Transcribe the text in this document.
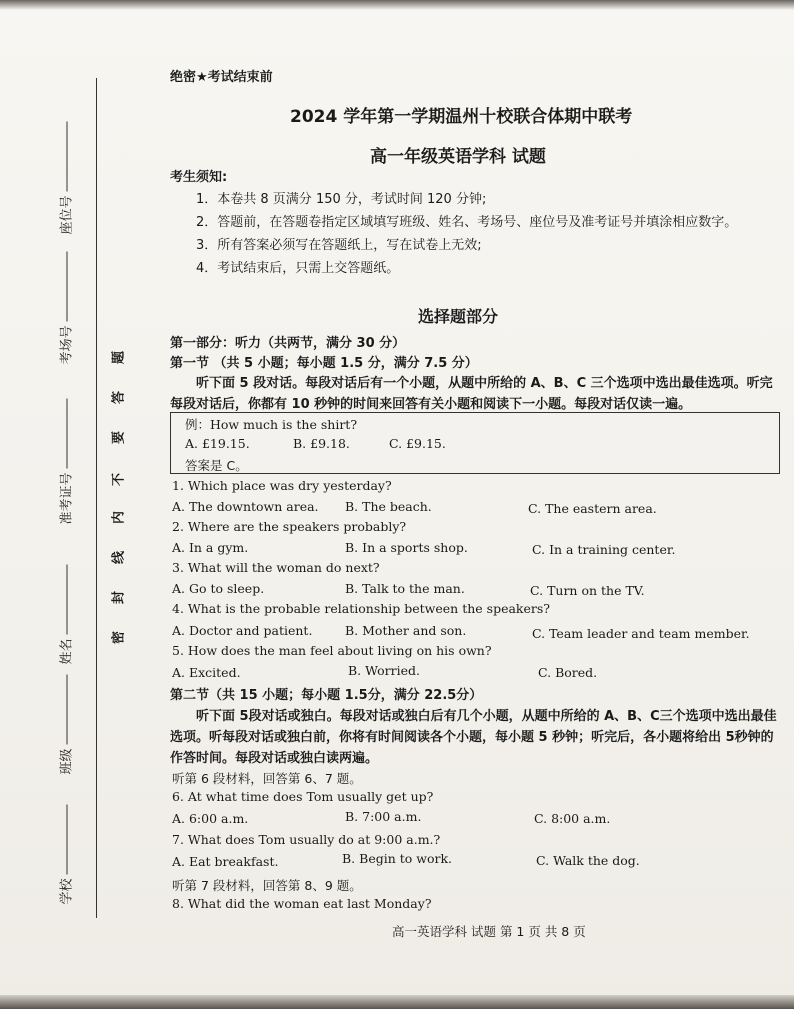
座位号
考场号
准考证号
姓名
班级
学校
题
答
要
不
内
线
封
密
绝密★考试结束前
2024 学年第一学期温州十校联合体期中联考
高一年级英语学科 试题
考生须知:
1．本卷共 8 页满分 150 分，考试时间 120 分钟;
2．答题前，在答题卷指定区域填写班级、姓名、考场号、座位号及准考证号并填涂相应数字。
3．所有答案必须写在答题纸上，写在试卷上无效;
4．考试结束后，只需上交答题纸。
选择题部分
第一部分：听力（共两节，满分 30 分）
第一节 （共 5 小题；每小题 1.5 分，满分 7.5 分）
听下面 5 段对话。每段对话后有一个小题，从题中所给的 A、B、C 三个选项中选出最佳选项。听完每段对话后，你都有 10 秒钟的时间来回答有关小题和阅读下一小题。每段对话仅读一遍。
例：How much is the shirt?
A. £19.15.	B. £9.18.	C. £9.15.
答案是 C。
1. Which place was dry yesterday?
A. The downtown area. B. The beach.	C. The eastern area.
2. Where are the speakers probably?
A. In a gym.	B. In a sports shop.	C. In a training center.
3. What will the woman do next?
A. Go to sleep.	B. Talk to the man.	C. Turn on the TV.
4. What is the probable relationship between the speakers?
A. Doctor and patient.	B. Mother and son.	C. Team leader and team member.
5. How does the man feel about living on his own?
A. Excited.	B. Worried.	C. Bored.
第二节（共 15 小题；每小题 1.5分，满分 22.5分）
听下面 5段对话或独白。每段对话或独白后有几个小题，从题中所给的 A、B、C三个选项中选出最佳选项。听每段对话或独白前，你将有时间阅读各个小题，每小题 5 秒钟；听完后，各小题将给出 5秒钟的作答时间。每段对话或独白读两遍。
听第 6 段材料，回答第 6、7 题。
6. At what time does Tom usually get up?
A. 6:00 a.m.	B. 7:00 a.m.	C. 8:00 a.m.
7. What does Tom usually do at 9:00 a.m.?
A. Eat breakfast.	B. Begin to work.	C. Walk the dog.
听第 7 段材料，回答第 8、9 题。
8. What did the woman eat last Monday?
高一英语学科 试题 第 1 页 共 8 页
